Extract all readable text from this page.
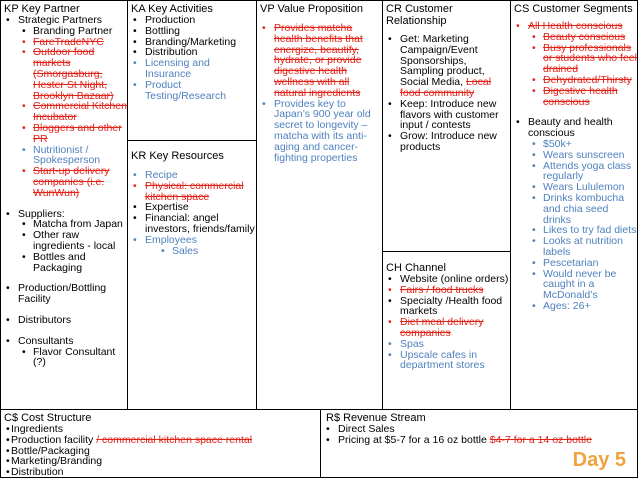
KP Key Partner
• Strategic Partners
• Branding Partner
• FareTradeNYC
• Outdoor food markets (Smorgasburg, Hester St Night, Brooklyn Bazaar)
• Commercial Kitchen Incubator
• Bloggers and other PR
• Nutritionist / Spokesperson
• Start-up delivery companies (i.e. WunWun)
• Suppliers:
• Matcha from Japan
• Other raw ingredients - local
• Bottles and Packaging
• Production/Bottling Facility
• Distributors
• Consultants
• Flavor Consultant (?)
KA Key Activities
• Production
• Bottling
• Branding/Marketing
• Distribution
• Licensing and Insurance
• Product Testing/Research
KR Key Resources
• Recipe
• Physical: commercial kitchen space
• Expertise
• Financial: angel investors, friends/family
• Employees
• Sales
VP Value Proposition
• Provides matcha health benefits that energize, beautify, hydrate, or provide digestive health wellness with all natural ingredients
• Provides key to Japan’s 900 year old secret to longevity – matcha with its anti-aging and cancer-fighting properties
CR Customer Relationship
• Get: Marketing Campaign/Event Sponsorships, Sampling product, Social Media, Local food community
• Keep: Introduce new flavors with customer input / contests
• Grow: Introduce new products
CH Channel
• Website (online orders)
• Fairs / food trucks
• Specialty /Health food markets
• Diet meal delivery companies
• Spas
• Upscale cafes in department stores
CS Customer Segments
• All Health conscious
• Beauty conscious
• Busy professionals or students who feel drained
• Dehydrated/Thirsty
• Digestive health conscious
• Beauty and health conscious
• $50k+
• Wears sunscreen
• Attends yoga class regularly
• Wears Lululemon
• Drinks kombucha and chia seed drinks
• Likes to try fad diets
• Looks at nutrition labels
• Pescetarian
• Would never be caught in a McDonald’s
• Ages: 26+
C$ Cost Structure
• Ingredients
• Production facility / commercial kitchen space rental
• Bottle/Packaging
• Marketing/Branding
• Distribution
R$ Revenue Stream
• Direct Sales
• Pricing at $5-7 for a 16 oz bottle $4-7 for a 14 oz bottle
Day 5
